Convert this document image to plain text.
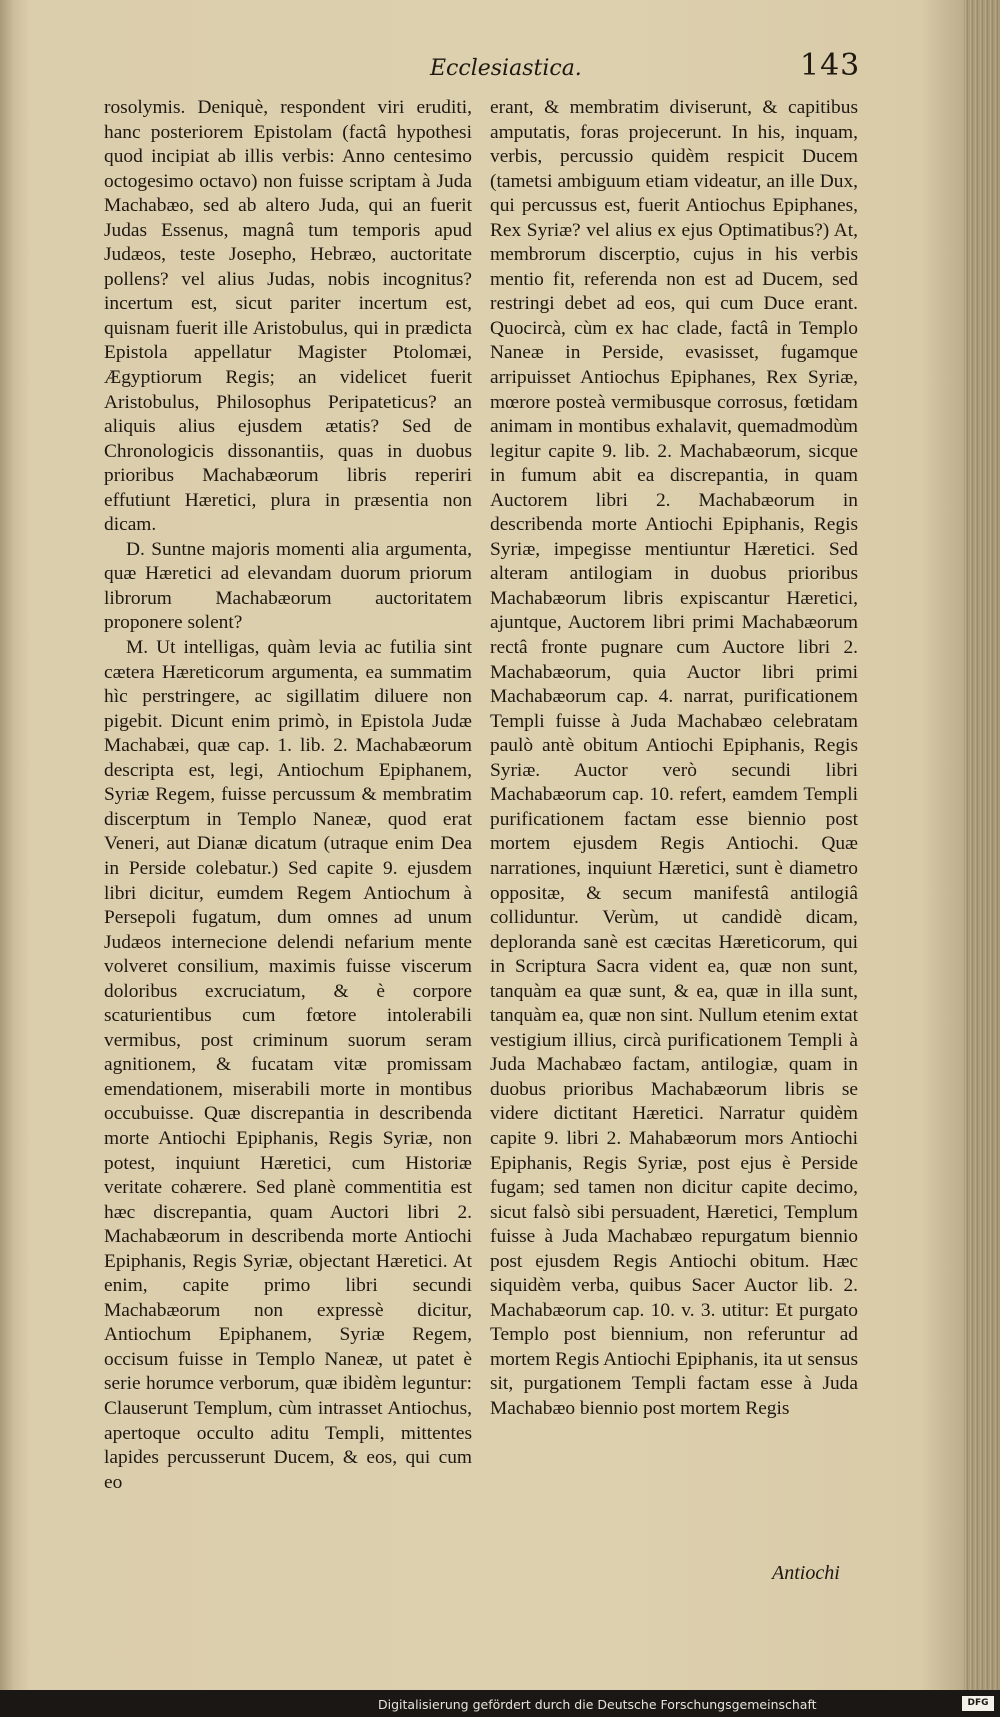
Ecclesiastica.	143

rosolymis. Deniquè, respondent viri eruditi, hanc posteriorem Epistolam (factâ hypothesi quod incipiat ab illis verbis: Anno centesimo octogesimo octavo) non fuisse scriptam à Juda Machabæo, sed ab altero Juda, qui an fuerit Judas Essenus, magnâ tum temporis apud Judæos, teste Josepho, Hebræo, auctoritate pollens? vel alius Judas, nobis incognitus? incertum est, sicut pariter incertum est, quisnam fuerit ille Aristobulus, qui in prædicta Epistola appellatur Magister Ptolomæi, Ægyptiorum Regis; an videlicet fuerit Aristobulus, Philosophus Peripateticus? an aliquis alius ejusdem ætatis? Sed de Chronologicis dissonantiis, quas in duobus prioribus Machabæorum libris reperiri effutiunt Hæretici, plura in præsentia non dicam.

D. Suntne majoris momenti alia argumenta, quæ Hæretici ad elevandam duorum priorum librorum Machabæorum auctoritatem proponere solent?

M. Ut intelligas, quàm levia ac futilia sint cætera Hæreticorum argumenta, ea summatim hìc perstringere, ac sigillatim diluere non pigebit. Dicunt enim primò, in Epistola Judæ Machabæi, quæ cap. 1. lib. 2. Machabæorum descripta est, legi, Antiochum Epiphanem, Syriæ Regem, fuisse percussum & membratim discerptum in Templo Naneæ, quod erat Veneri, aut Dianæ dicatum (utraque enim Dea in Perside colebatur.) Sed capite 9. ejusdem libri dicitur, eumdem Regem Antiochum à Persepoli fugatum, dum omnes ad unum Judæos internecione delendi nefarium mente volveret consilium, maximis fuisse viscerum doloribus excruciatum, & è corpore scaturientibus cum fœtore intolerabili vermibus, post criminum suorum seram agnitionem, & fucatam vitæ promissam emendationem, miserabili morte in montibus occubuisse. Quæ discrepantia in describenda morte Antiochi Epiphanis, Regis Syriæ, non potest, inquiunt Hæretici, cum Historiæ veritate cohærere. Sed planè commentitia est hæc discrepantia, quam Auctori libri 2. Machabæorum in describenda morte Antiochi Epiphanis, Regis Syriæ, objectant Hæretici. At enim, capite primo libri secundi Machabæorum non expressè dicitur, Antiochum Epiphanem, Syriæ Regem, occisum fuisse in Templo Naneæ, ut patet è serie horumce verborum, quæ ibidèm leguntur: Clauserunt Templum, cùm intrasset Antiochus, apertoque occulto aditu Templi, mittentes lapides percusserunt Ducem, & eos, qui cum eo

erant, & membratim diviserunt, & capitibus amputatis, foras projecerunt. In his, inquam, verbis, percussio quidèm respicit Ducem (tametsi ambiguum etiam videatur, an ille Dux, qui percussus est, fuerit Antiochus Epiphanes, Rex Syriæ? vel alius ex ejus Optimatibus?) At, membrorum discerptio, cujus in his verbis mentio fit, referenda non est ad Ducem, sed restringi debet ad eos, qui cum Duce erant. Quocircà, cùm ex hac clade, factâ in Templo Naneæ in Perside, evasisset, fugamque arripuisset Antiochus Epiphanes, Rex Syriæ, mœrore posteà vermibusque corrosus, fœtidam animam in montibus exhalavit, quemadmodùm legitur capite 9. lib. 2. Machabæorum, sicque in fumum abit ea discrepantia, in quam Auctorem libri 2. Machabæorum in describenda morte Antiochi Epiphanis, Regis Syriæ, impegisse mentiuntur Hæretici. Sed alteram antilogiam in duobus prioribus Machabæorum libris expiscantur Hæretici, ajuntque, Auctorem libri primi Machabæorum rectâ fronte pugnare cum Auctore libri 2. Machabæorum, quia Auctor libri primi Machabæorum cap. 4. narrat, purificationem Templi fuisse à Juda Machabæo celebratam paulò antè obitum Antiochi Epiphanis, Regis Syriæ. Auctor verò secundi libri Machabæorum cap. 10. refert, eamdem Templi purificationem factam esse biennio post mortem ejusdem Regis Antiochi. Quæ narrationes, inquiunt Hæretici, sunt è diametro oppositæ, & secum manifestâ antilogiâ colliduntur. Verùm, ut candidè dicam, deploranda sanè est cæcitas Hæreticorum, qui in Scriptura Sacra vident ea, quæ non sunt, tanquàm ea quæ sunt, & ea, quæ in illa sunt, tanquàm ea, quæ non sint. Nullum etenim extat vestigium illius, circà purificationem Templi à Juda Machabæo factam, antilogiæ, quam in duobus prioribus Machabæorum libris se videre dictitant Hæretici. Narratur quidèm capite 9. libri 2. Mahabæorum mors Antiochi Epiphanis, Regis Syriæ, post ejus è Perside fugam; sed tamen non dicitur capite decimo, sicut falsò sibi persuadent, Hæretici, Templum fuisse à Juda Machabæo repurgatum biennio post ejusdem Regis Antiochi obitum. Hæc siquidèm verba, quibus Sacer Auctor lib. 2. Machabæorum cap. 10. v. 3. utitur: Et purgato Templo post biennium, non referuntur ad mortem Regis Antiochi Epiphanis, ita ut sensus sit, purgationem Templi factam esse à Juda Machabæo biennio post mortem Regis

Antiochi
Digitalisierung gefördert durch die Deutsche Forschungsgemeinschaft	DFG
